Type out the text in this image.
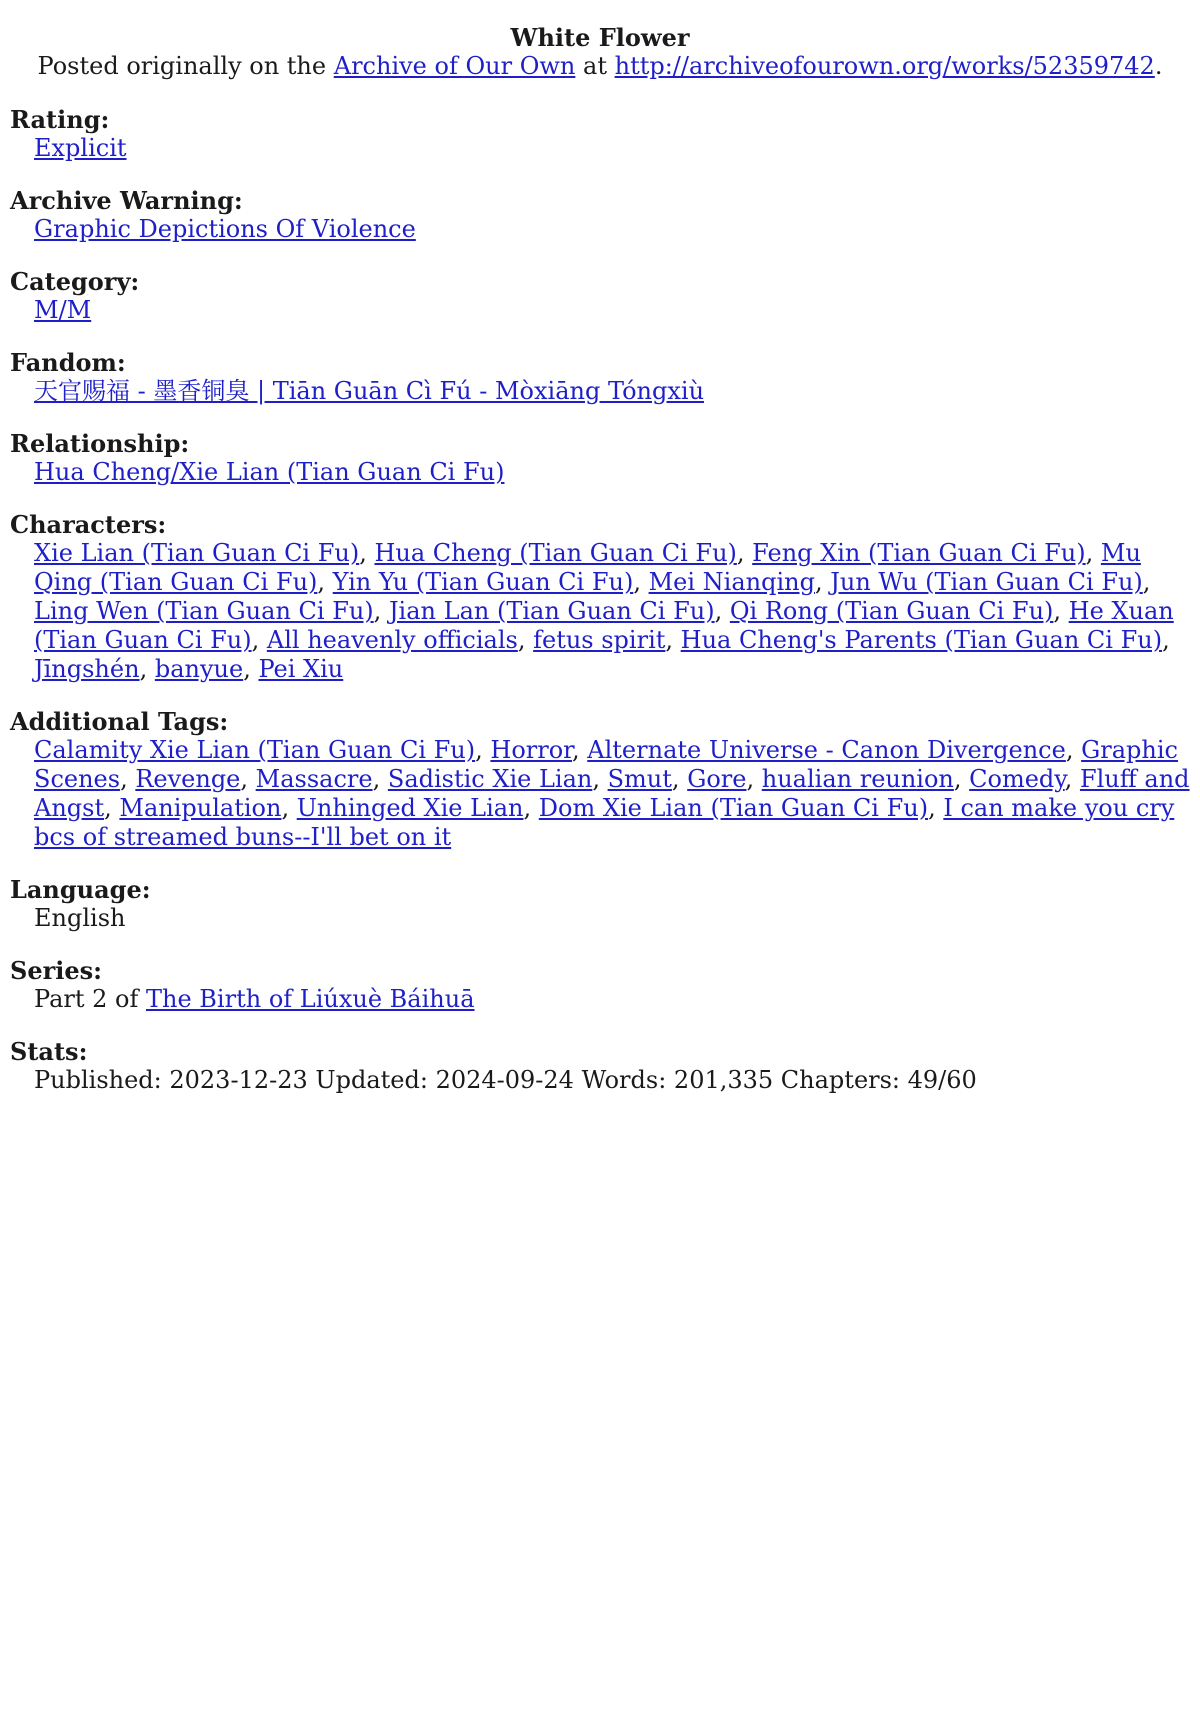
White Flower
Posted originally on the Archive of Our Own at http://archiveofourown.org/works/52359742.
Rating:
Explicit
Archive Warning:
Graphic Depictions Of Violence
Category:
M/M
Fandom:
天官赐福 - 墨香铜臭 | Tiān Guān Cì Fú - Mòxiāng Tóngxiù
Relationship:
Hua Cheng/Xie Lian (Tian Guan Ci Fu)
Characters:
Xie Lian (Tian Guan Ci Fu), Hua Cheng (Tian Guan Ci Fu), Feng Xin (Tian Guan Ci Fu), Mu Qing (Tian Guan Ci Fu), Yin Yu (Tian Guan Ci Fu), Mei Nianqing, Jun Wu (Tian Guan Ci Fu), Ling Wen (Tian Guan Ci Fu), Jian Lan (Tian Guan Ci Fu), Qi Rong (Tian Guan Ci Fu), He Xuan (Tian Guan Ci Fu), All heavenly officials, fetus spirit, Hua Cheng's Parents (Tian Guan Ci Fu), Jīngshén, banyue, Pei Xiu
Additional Tags:
Calamity Xie Lian (Tian Guan Ci Fu), Horror, Alternate Universe - Canon Divergence, Graphic Scenes, Revenge, Massacre, Sadistic Xie Lian, Smut, Gore, hualian reunion, Comedy, Fluff and Angst, Manipulation, Unhinged Xie Lian, Dom Xie Lian (Tian Guan Ci Fu), I can make you cry bcs of streamed buns--I'll bet on it
Language:
English
Series:
Part 2 of The Birth of Liúxuè Báihuā
Stats:
Published: 2023-12-23 Updated: 2024-09-24 Words: 201,335 Chapters: 49/60
